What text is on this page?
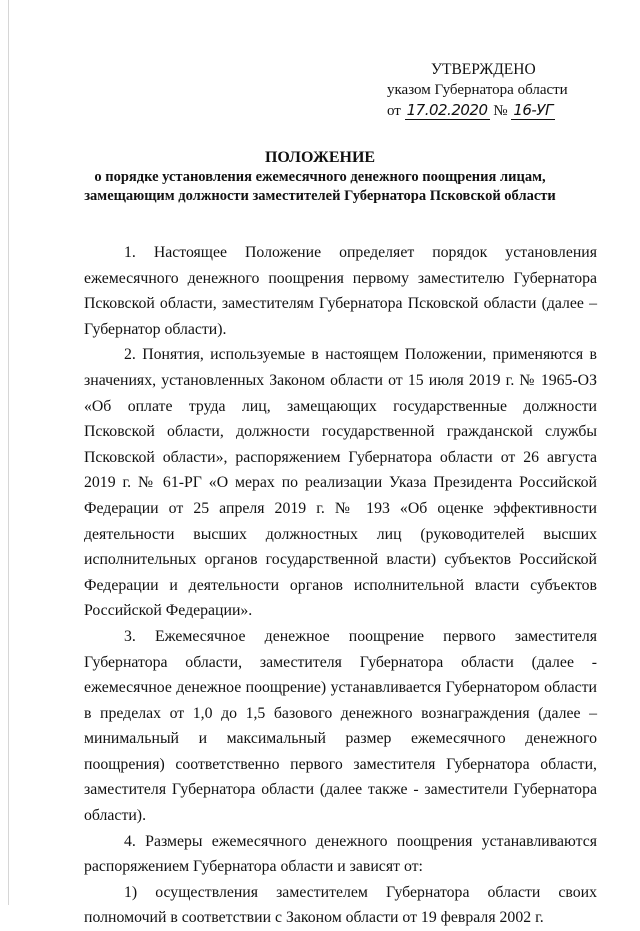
УТВЕРЖДЕНО
указом Губернатора области
от 17.02.2020 № 16-УГ
ПОЛОЖЕНИЕ
о порядке установления ежемесячного денежного поощрения лицам,
замещающим должности заместителей Губернатора Псковской области

1. Настоящее Положение определяет порядок установления ежемесячного денежного поощрения первому заместителю Губернатора Псковской области, заместителям Губернатора Псковской области (далее – Губернатор области).

2. Понятия, используемые в настоящем Положении, применяются в значениях, установленных Законом области от 15 июля 2019 г. № 1965-ОЗ «Об оплате труда лиц, замещающих государственные должности Псковской области, должности государственной гражданской службы Псковской области», распоряжением Губернатора области от 26 августа 2019 г. № 61-РГ «О мерах по реализации Указа Президента Российской Федерации от 25 апреля 2019 г. № 193 «Об оценке эффективности деятельности высших должностных лиц (руководителей высших исполнительных органов государственной власти) субъектов Российской Федерации и деятельности органов исполнительной власти субъектов Российской Федерации».

3. Ежемесячное денежное поощрение первого заместителя Губернатора области, заместителя Губернатора области (далее - ежемесячное денежное поощрение) устанавливается Губернатором области в пределах от 1,0 до 1,5 базового денежного вознаграждения (далее – минимальный и максимальный размер ежемесячного денежного поощрения) соответственно первого заместителя Губернатора области, заместителя Губернатора области (далее также - заместители Губернатора области).

4. Размеры ежемесячного денежного поощрения устанавливаются распоряжением Губернатора области и зависят от:

1) осуществления заместителем Губернатора области своих полномочий в соответствии с Законом области от 19 февраля 2002 г.
